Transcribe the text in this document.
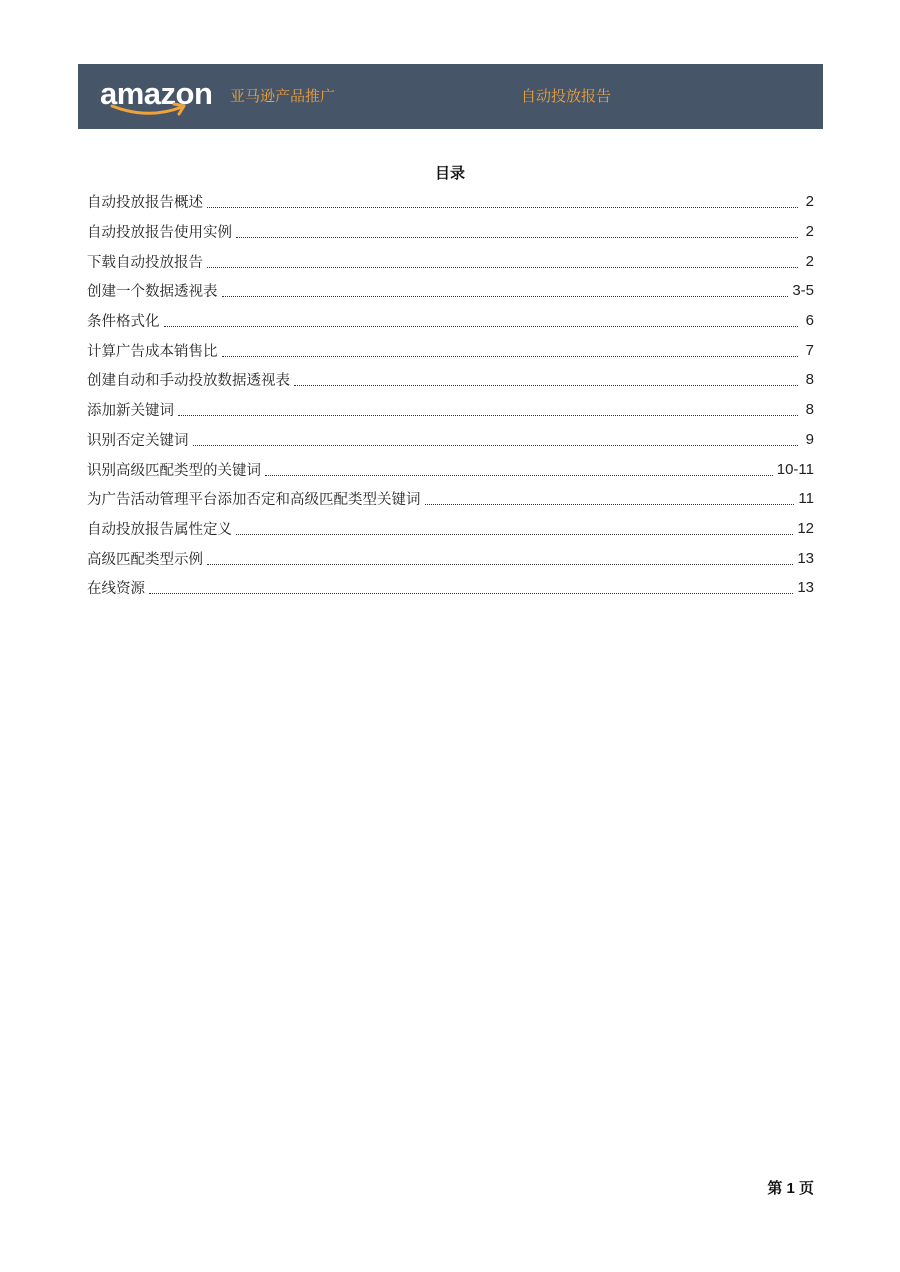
amazon 亚马逊产品推广	自动投放报告
目录
自动投放报告概述	2
自动投放报告使用实例	2
下载自动投放报告	2
创建一个数据透视表	3-5
条件格式化	6
计算广告成本销售比	7
创建自动和手动投放数据透视表	8
添加新关键词	8
识别否定关键词	9
识别高级匹配类型的关键词	10-11
为广告活动管理平台添加否定和高级匹配类型关键词	11
自动投放报告属性定义	12
高级匹配类型示例	13
在线资源	13
第 1 页
